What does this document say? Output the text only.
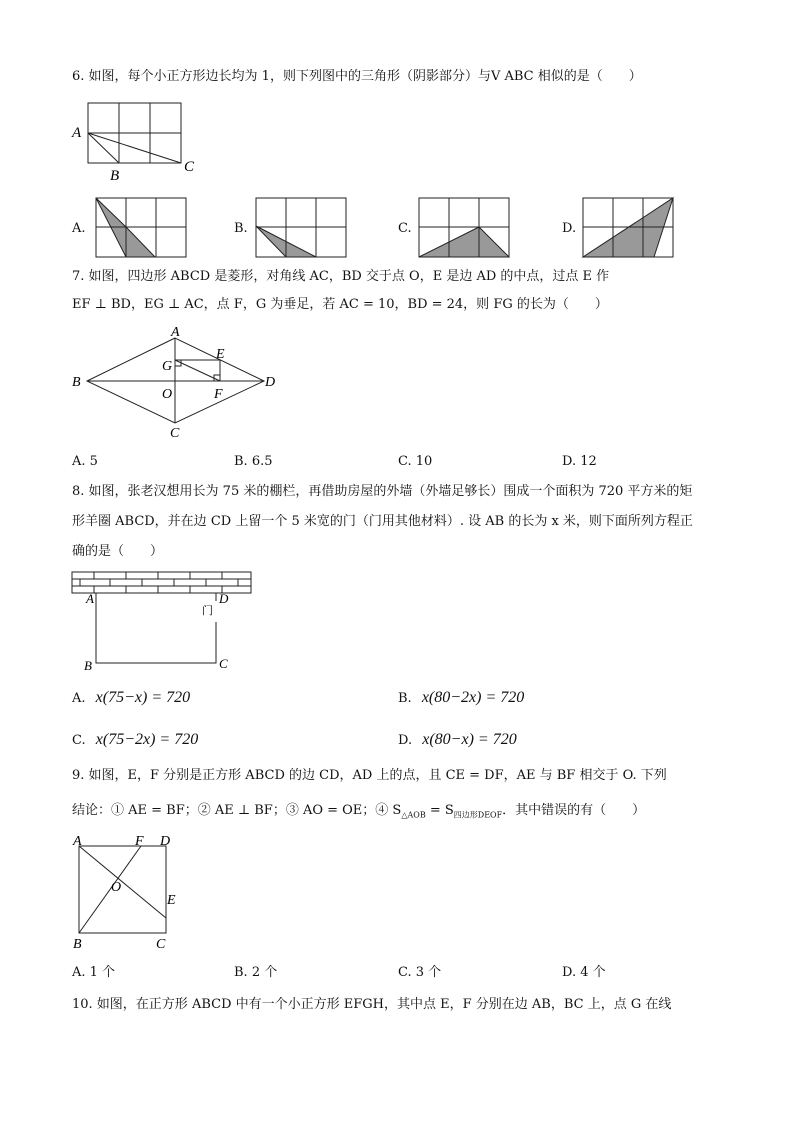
6. 如图，每个小正方形边长均为 1，则下列图中的三角形（阴影部分）与V ABC 相似的是（　　）
A
B
C
A.	B.	C.	D.
7. 如图，四边形 ABCD 是菱形，对角线 AC，BD 交于点 O，E 是边 AD 的中点，过点 E 作
EF ⊥ BD，EG ⊥ AC，点 F，G 为垂足，若 AC = 10，BD = 24，则 FG 的长为（　　）
A
B
C
D
E
F
G
O
A. 5	B. 6.5	C. 10	D. 12
8. 如图，张老汉想用长为 75 米的棚栏，再借助房屋的外墙（外墙足够长）围成一个面积为 720 平方米的矩
形羊圈 ABCD，并在边 CD 上留一个 5 米宽的门（门用其他材料）. 设 AB 的长为 x 米，则下面所列方程正
确的是（　　）
A	D
B	C
门
A. x(75−x) = 720	B. x(80−2x) = 720
C. x(75−2x) = 720	D. x(80−x) = 720
9. 如图，E，F 分别是正方形 ABCD 的边 CD，AD 上的点，且 CE = DF，AE 与 BF 相交于 O. 下列
结论：① AE = BF；② AE ⊥ BF；③ AO = OE；④ $S_{\triangle AOB} = S_{四边形DEOF}$．其中错误的有（　　）
A	F D
O
E
B	C
A. 1 个	B. 2 个	C. 3 个	D. 4 个
10. 如图，在正方形 ABCD 中有一个小正方形 EFGH，其中点 E，F 分别在边 AB，BC 上，点 G 在线
